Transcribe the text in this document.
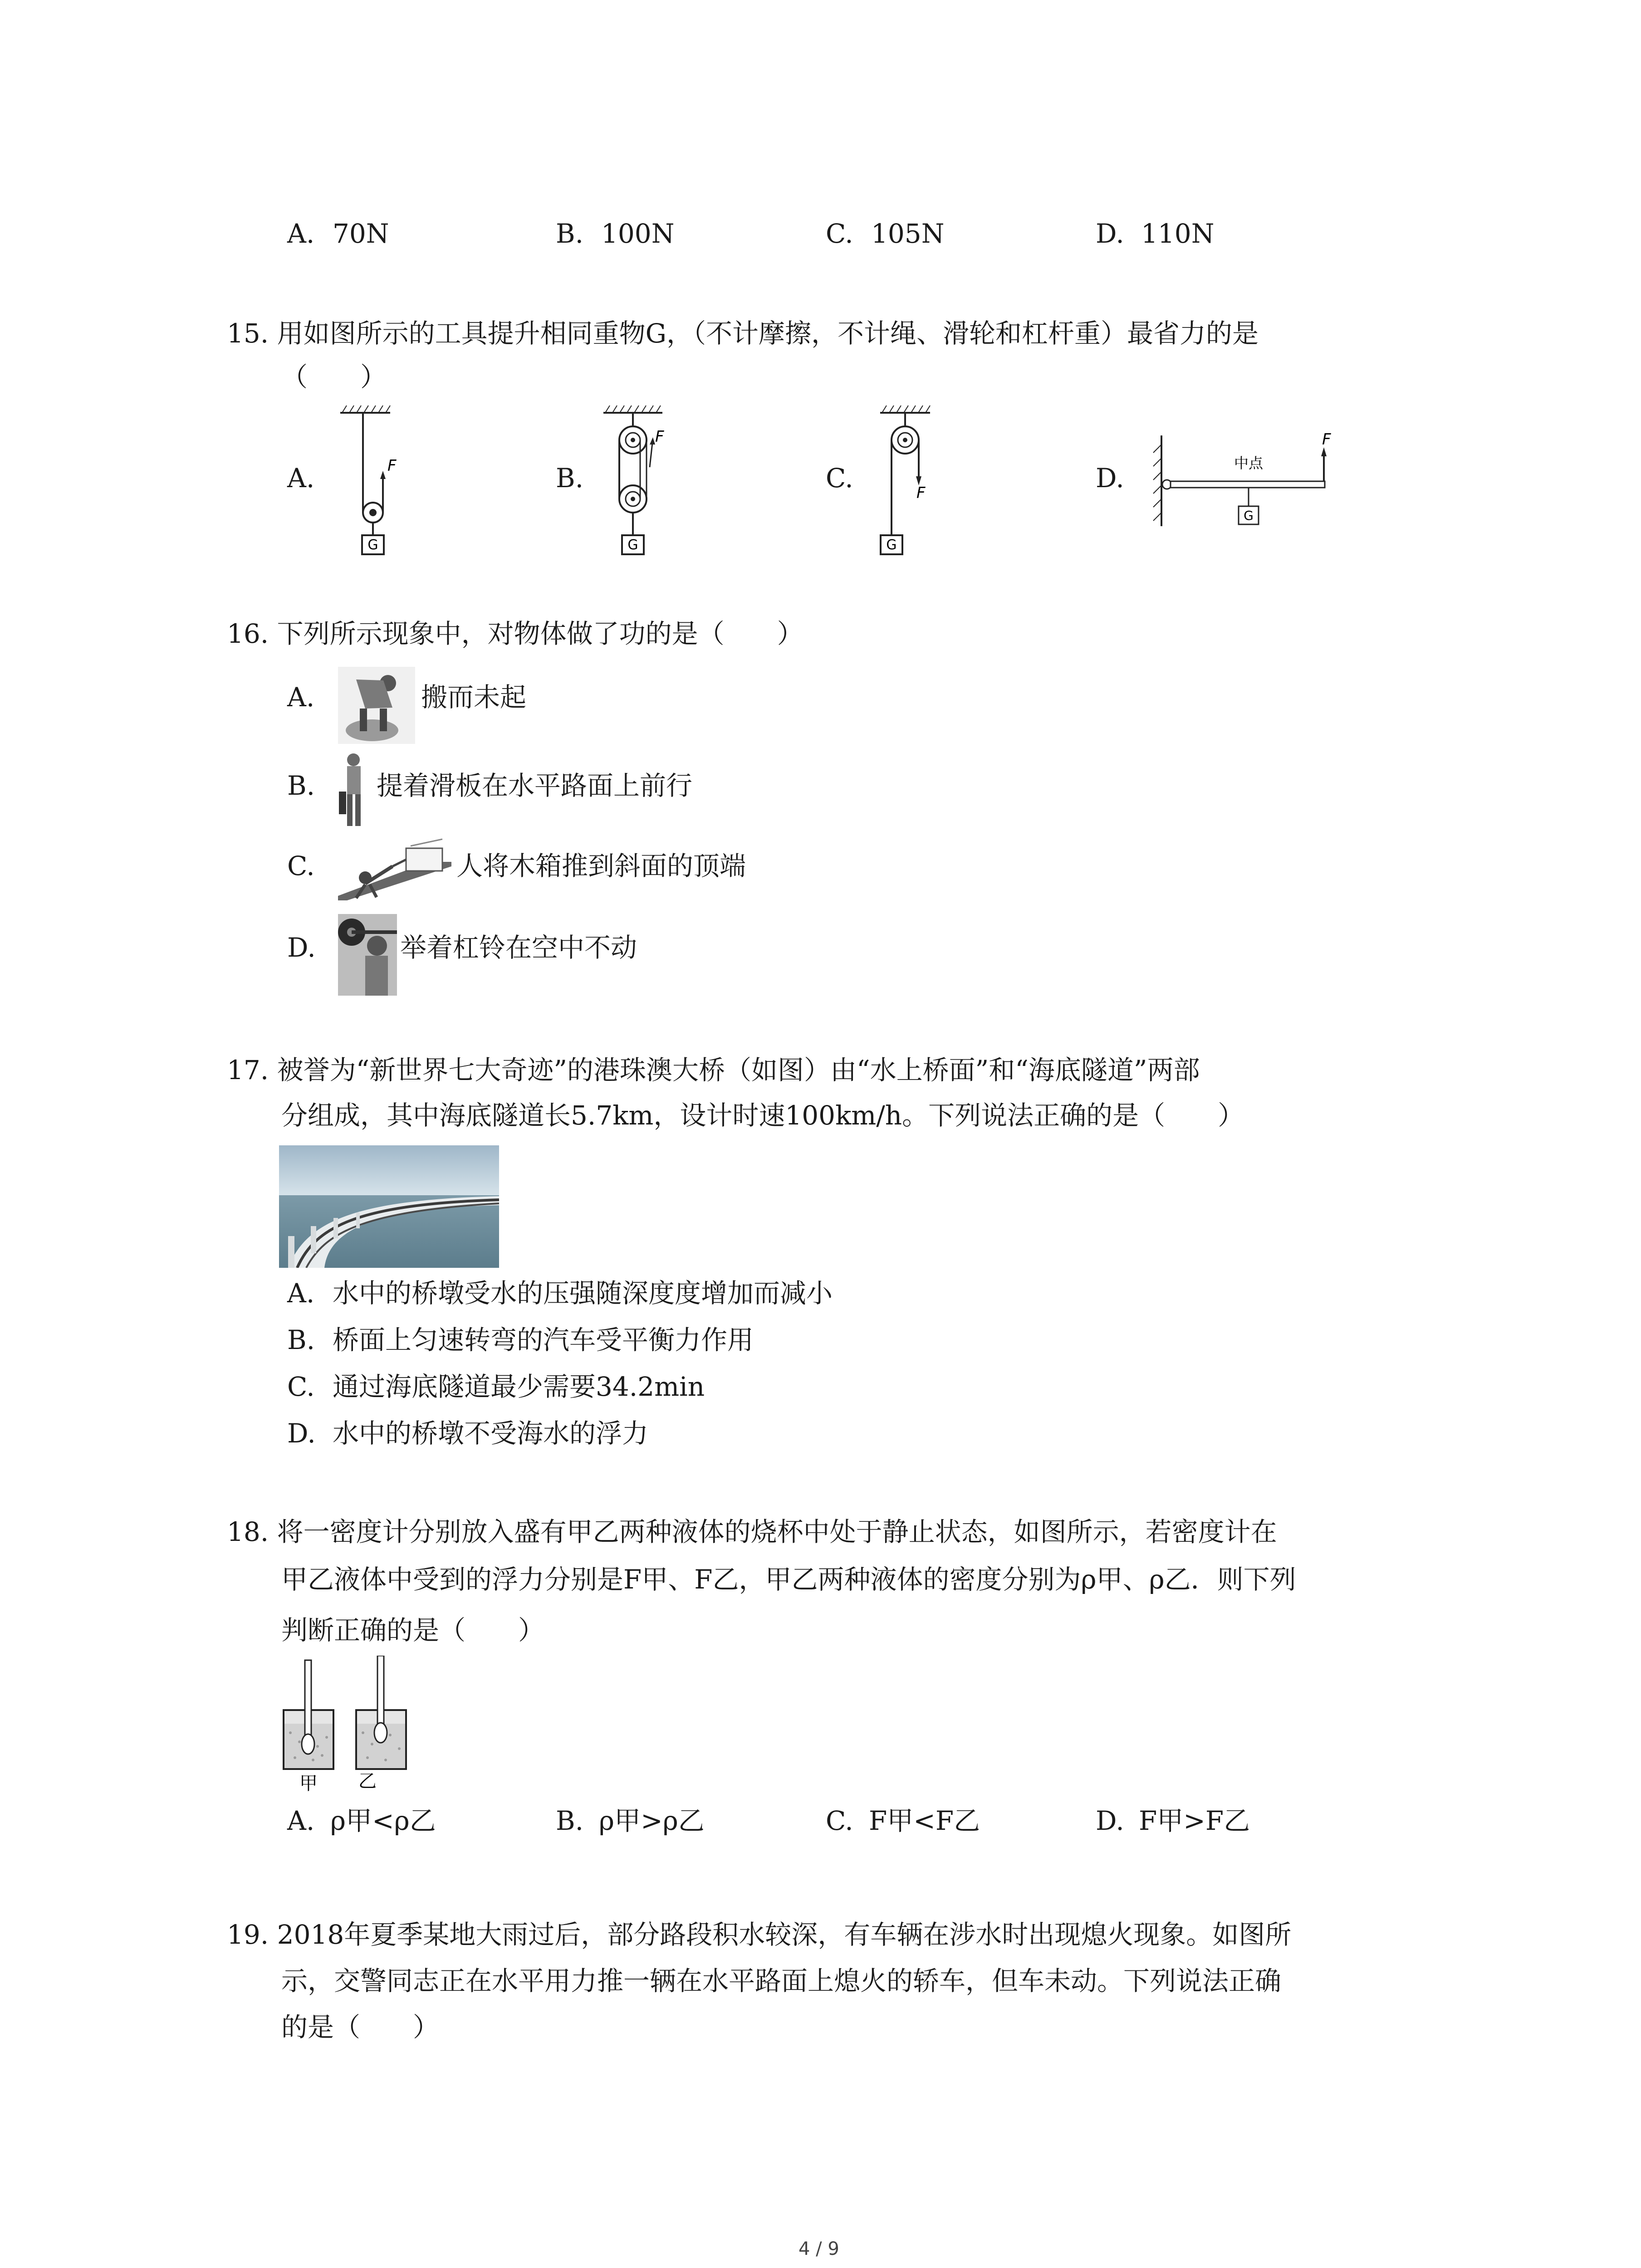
A. 70N	B. 100N	C. 105N	D. 110N
15. 用如图所示的工具提升相同重物G，（不计摩擦，不计绳、滑轮和杠杆重）最省力的是
（　　）
A.	B.	C.	D.
F
G
F
G
F
G
中点
G
F
16. 下列所示现象中，对物体做了功的是（　　）
A.	搬而未起
B. 提着滑板在水平路面上前行
C.	人将木箱推到斜面的顶端
D.	举着杠铃在空中不动
17. 被誉为“新世界七大奇迹”的港珠澳大桥（如图）由“水上桥面”和“海底隧道”两部
分组成，其中海底隧道长5.7km，设计时速100km/h。下列说法正确的是（　　）
A. 水中的桥墩受水的压强随深度度增加而减小
B. 桥面上匀速转弯的汽车受平衡力作用
C. 通过海底隧道最少需要34.2min
D. 水中的桥墩不受海水的浮力
18. 将一密度计分别放入盛有甲乙两种液体的烧杯中处于静止状态，如图所示，若密度计在
甲乙液体中受到的浮力分别是F甲、F乙，甲乙两种液体的密度分别为ρ甲、ρ乙．则下列
判断正确的是（　　）
甲 乙
A. ρ甲<ρ乙	B. ρ甲>ρ乙	C. F甲<F乙	D. F甲>F乙
19. 2018年夏季某地大雨过后，部分路段积水较深，有车辆在涉水时出现熄火现象。如图所
示，交警同志正在水平用力推一辆在水平路面上熄火的轿车，但车未动。下列说法正确
的是（　　）
4 / 9
